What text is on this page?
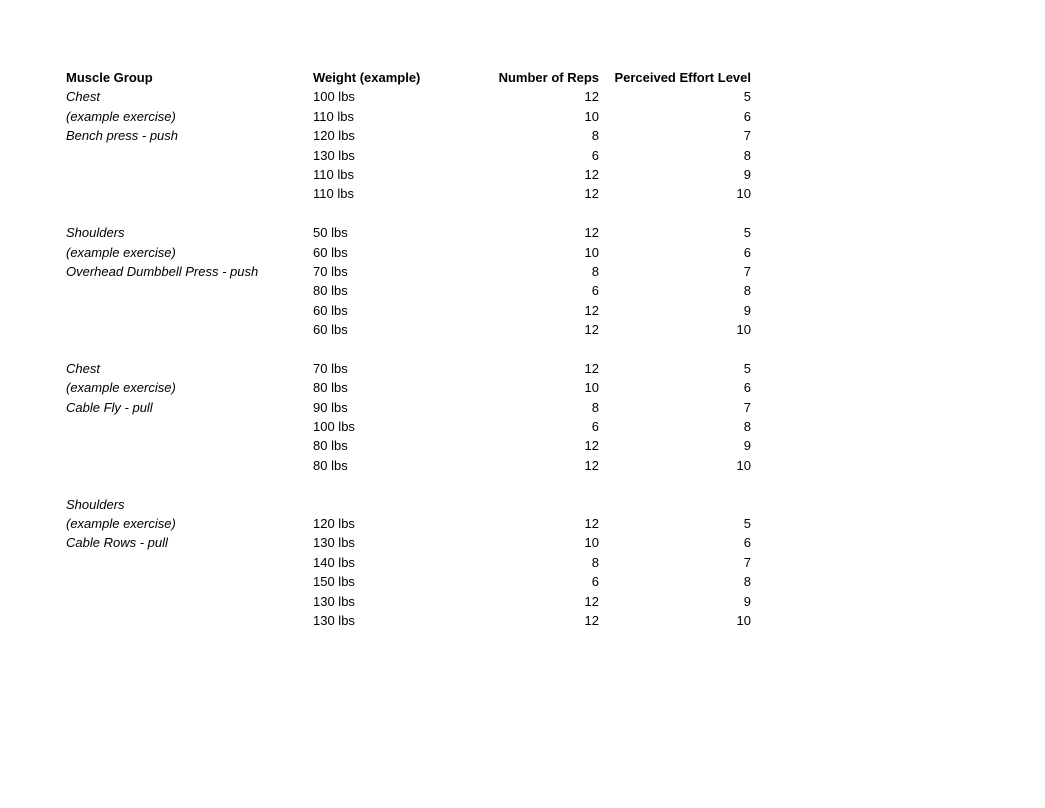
Muscle Group	Weight (example)	Number of Reps	Perceived Effort Level
Chest	100 lbs	12	5
(example exercise)	110 lbs	10	6
Bench press - push	120 lbs	8	7
130 lbs	6	8
110 lbs	12	9
110 lbs	12	10
Shoulders	50 lbs	12	5
(example exercise)	60 lbs	10	6
Overhead Dumbbell Press - push	70 lbs	8	7
80 lbs	6	8
60 lbs	12	9
60 lbs	12	10
Chest	70 lbs	12	5
(example exercise)	80 lbs	10	6
Cable Fly - pull	90 lbs	8	7
100 lbs	6	8
80 lbs	12	9
80 lbs	12	10
Shoulders
(example exercise)	120 lbs	12	5
Cable Rows - pull	130 lbs	10	6
140 lbs	8	7
150 lbs	6	8
130 lbs	12	9
130 lbs	12	10
